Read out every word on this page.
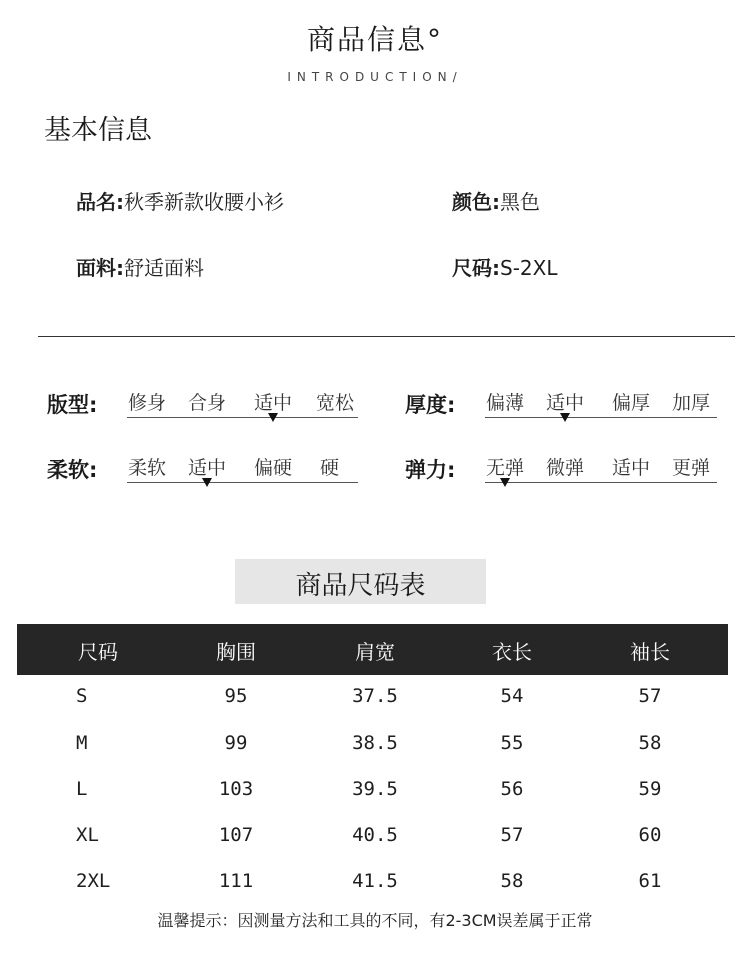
商品信息°
INTRODUCTION/
基本信息
品名:秋季新款收腰小衫	颜色:黑色
面料:舒适面料	尺码:S-2XL
版型: 修身 合身 适中 宽松 厚度: 偏薄 适中 偏厚 加厚
柔软: 柔软 适中 偏硬 硬	弹力: 无弹 微弹 适中 更弹
商品尺码表
尺码	胸围	肩宽	衣长	袖长
S	95	37.5	54	57
M	99	38.5	55	58
L	103	39.5	56	59
XL	107	40.5	57	60
2XL	111	41.5	58	61
温馨提示：因测量方法和工具的不同，有2-3CM误差属于正常
